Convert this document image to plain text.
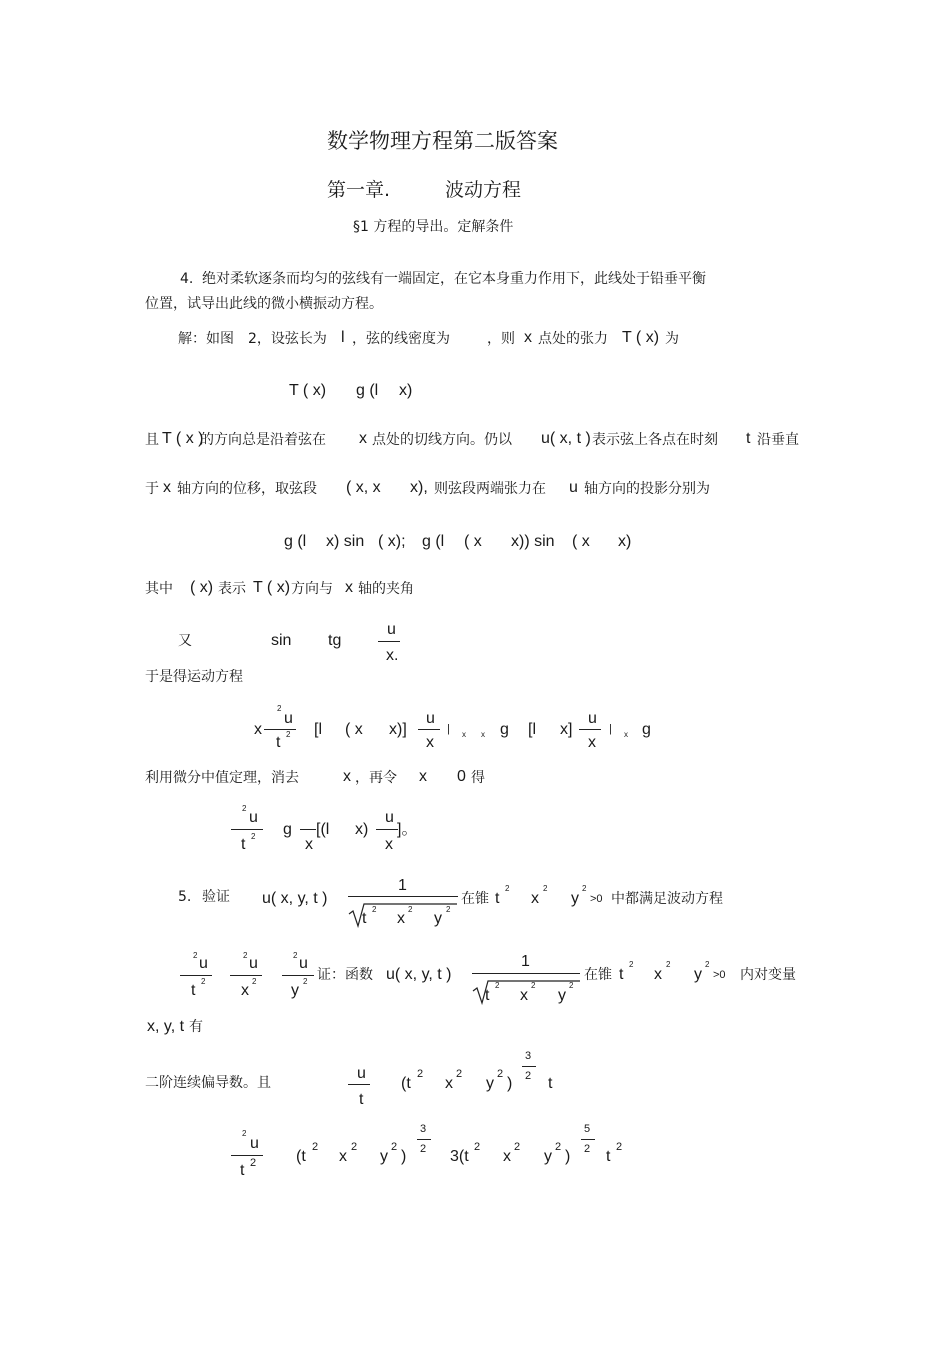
数学物理方程第二版答案
第一章.	波动方程
§1 方程的导出。定解条件
4. 绝对柔软逐条而均匀的弦线有一端固定，在它本身重力作用下，此线处于铅垂平衡
位置，试导出此线的微小横振动方程。
解：如图 2，设弦长为 l ，弦的线密度为	，则 x 点处的张力 T ( x) 为
T ( x) g (l x)
且 T ( x )
的方向总是沿着弦在 x 点处的切线方向。仍以 u( x, t ) 表示弦上各点在时刻 t 沿垂直
于 x 轴方向的位移，取弦段 ( x, x x), 则弦段两端张力在 u 轴方向的投影分别为
g (l x) sin ( x); g (l ( x x)) sin ( x x)
其中 ( x) 表示 T ( x) 方向与 x 轴的夹角
又	sin tg
u
x.
于是得运动方程
x
2
u
t 2 [l ( x x)]
u
x
| x x g [l x]
u
x
| x g
利用微分中值定理，消去	x ，再令 x 0 得
2
u
t 2 g
x
[(l x)
u
x
]。
5. 验证 u( x, y, t )
1
t
2
x
2
y
2
在锥 t
2
x
2
y
2
>0 中都满足波动方程
2 u
t
2
2 u
x
2
2 u
y
2 证：函数 u( x, y, t )
1
t
2
x
2
y
2
在锥 t
2
x
2
y
2
>0 内对变量
x, y, t 有
二阶连续偏导数。且
u
t
(t
2
x
2
y
2
)
3
2 t
2
u
t 2 (t
2
x
2
y
2
)
3
2 3(t
2
x
2
y
2
)
5
2 t
2
